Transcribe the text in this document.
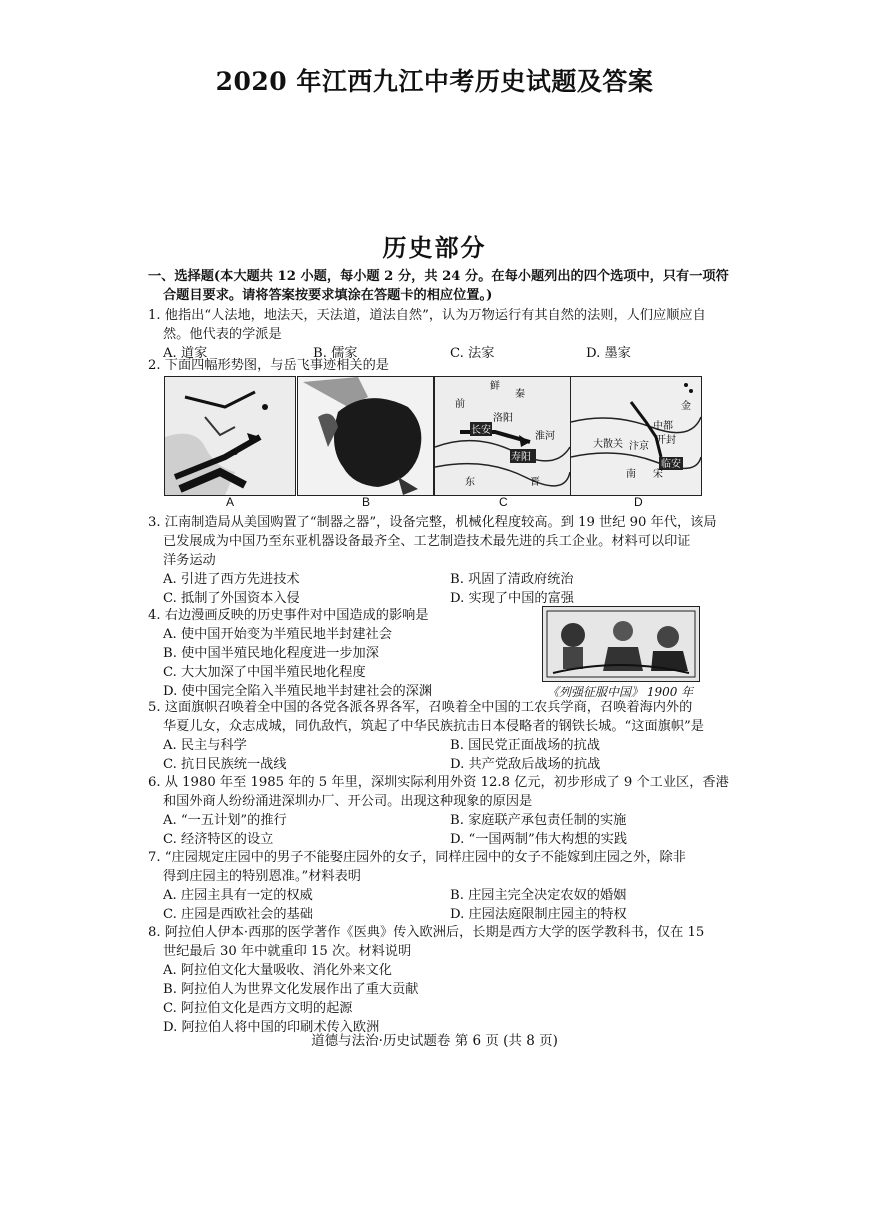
2020 年江西九江中考历史试题及答案
历史部分
一、选择题(本大题共 12 小题，每小题 2 分，共 24 分。在每小题列出的四个选项中，只有一项符
合题目要求。请将答案按要求填涂在答题卡的相应位置。)
1. 他指出“人法地，地法天，天法道，道法自然”，认为万物运行有其自然的法则，人们应顺应自
然。他代表的学派是
A. 道家	B. 儒家	C. 法家	D. 墨家
2. 下面四幅形势图，与岳飞事迹相关的是
A	B
鲜
秦
前
洛阳
长安
寿阳
淮河
东	晋
C
金
中都
开封
大散关 汴京
南 宋
临安
D
3. 江南制造局从美国购置了“制器之器”，设备完整，机械化程度较高。到 19 世纪 90 年代，该局
已发展成为中国乃至东亚机器设备最齐全、工艺制造技术最先进的兵工企业。材料可以印证
洋务运动
A. 引进了西方先进技术	B. 巩固了清政府统治
C. 抵制了外国资本入侵	D. 实现了中国的富强
4. 右边漫画反映的历史事件对中国造成的影响是
A. 使中国开始变为半殖民地半封建社会
B. 使中国半殖民地化程度进一步加深
C. 大大加深了中国半殖民地化程度
D. 使中国完全陷入半殖民地半封建社会的深渊	《列强征服中国》 1900 年
5. 这面旗帜召唤着全中国的各党各派各界各军，召唤着全中国的工农兵学商，召唤着海内外的
华夏儿女，众志成城，同仇敌忾，筑起了中华民族抗击日本侵略者的钢铁长城。“这面旗帜”是
A. 民主与科学	B. 国民党正面战场的抗战
C. 抗日民族统一战线	D. 共产党敌后战场的抗战
6. 从 1980 年至 1985 年的 5 年里，深圳实际利用外资 12.8 亿元，初步形成了 9 个工业区，香港
和国外商人纷纷涌进深圳办厂、开公司。出现这种现象的原因是
A. “一五计划”的推行	B. 家庭联产承包责任制的实施
C. 经济特区的设立	D. “一国两制”伟大构想的实践
7. “庄园规定庄园中的男子不能娶庄园外的女子，同样庄园中的女子不能嫁到庄园之外，除非
得到庄园主的特别恩准。”材料表明
A. 庄园主具有一定的权威	B. 庄园主完全决定农奴的婚姻
C. 庄园是西欧社会的基础	D. 庄园法庭限制庄园主的特权
8. 阿拉伯人伊本·西那的医学著作《医典》传入欧洲后，长期是西方大学的医学教科书，仅在 15
世纪最后 30 年中就重印 15 次。材料说明
A. 阿拉伯文化大量吸收、消化外来文化
B. 阿拉伯人为世界文化发展作出了重大贡献
C. 阿拉伯文化是西方文明的起源
D. 阿拉伯人将中国的印刷术传入欧洲
道德与法治·历史试题卷 第 6 页 (共 8 页)
